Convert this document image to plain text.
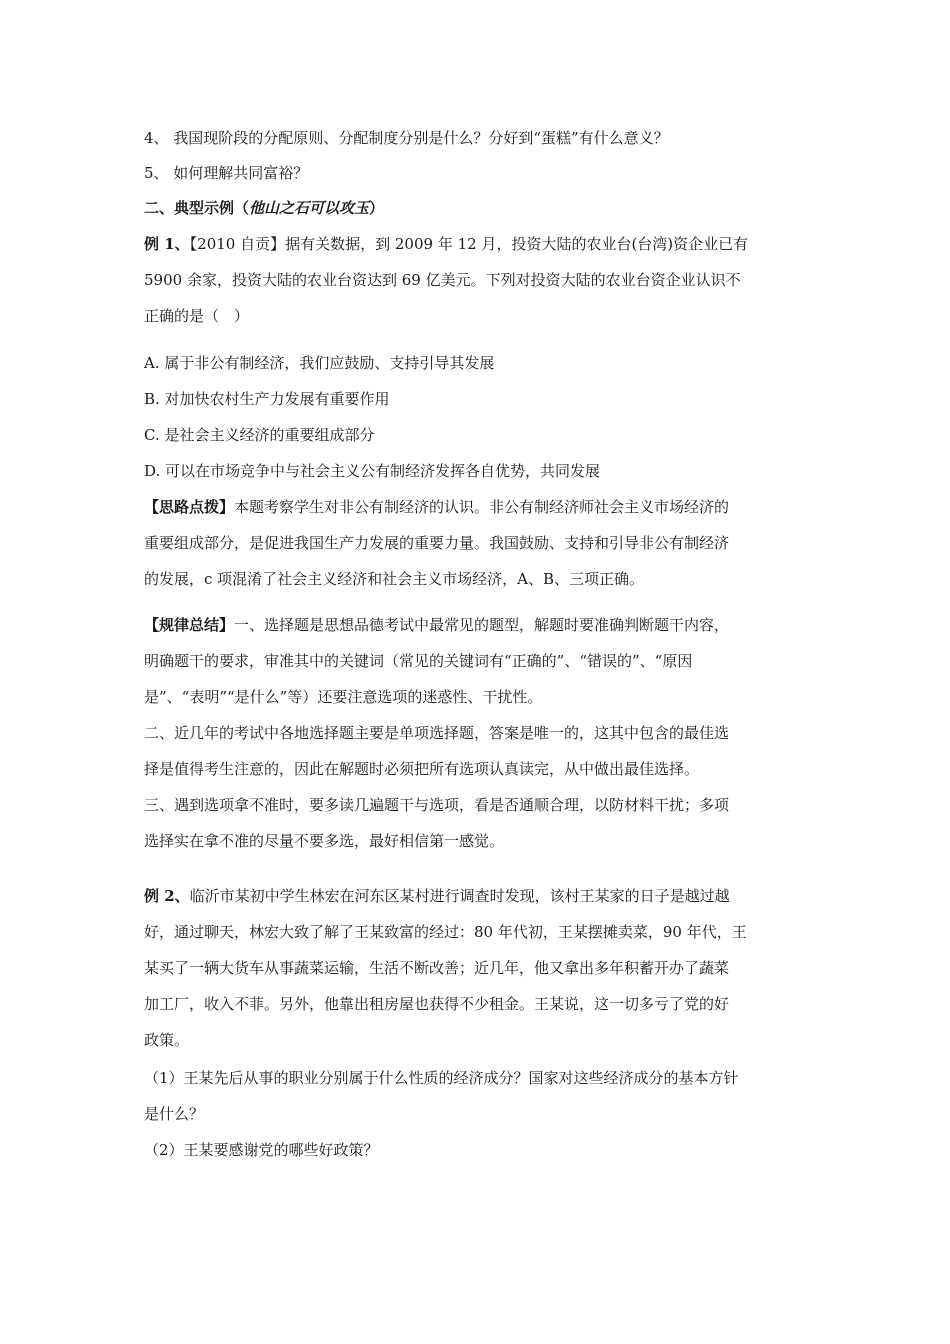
4、 我国现阶段的分配原则、分配制度分别是什么？分好到“蛋糕”有什么意义？
5、 如何理解共同富裕？
二、典型示例（他山之石可以攻玉）
例 1、【2010 自贡】据有关数据，到 2009 年 12 月，投资大陆的农业台(台湾)资企业已有
5900 余家，投资大陆的农业台资达到 69 亿美元。下列对投资大陆的农业台资企业认识不
正确的是（　）
A. 属于非公有制经济，我们应鼓励、支持引导其发展
B. 对加快农村生产力发展有重要作用
C. 是社会主义经济的重要组成部分
D. 可以在市场竞争中与社会主义公有制经济发挥各自优势，共同发展
【思路点拨】本题考察学生对非公有制经济的认识。非公有制经济师社会主义市场经济的
重要组成部分，是促进我国生产力发展的重要力量。我国鼓励、支持和引导非公有制经济
的发展，c 项混淆了社会主义经济和社会主义市场经济，A、B、三项正确。
【规律总结】一、选择题是思想品德考试中最常见的题型，解题时要准确判断题干内容，
明确题干的要求，审准其中的关键词（常见的关键词有“正确的”、“错误的”、“原因
是”、“表明”“是什么”等）还要注意选项的迷惑性、干扰性。
二、近几年的考试中各地选择题主要是单项选择题，答案是唯一的，这其中包含的最佳选
择是值得考生注意的，因此在解题时必须把所有选项认真读完，从中做出最佳选择。
三、遇到选项拿不准时，要多读几遍题干与选项，看是否通顺合理，以防材料干扰；多项
选择实在拿不准的尽量不要多选，最好相信第一感觉。
例 2、临沂市某初中学生林宏在河东区某村进行调查时发现，该村王某家的日子是越过越
好，通过聊天，林宏大致了解了王某致富的经过：80 年代初，王某摆摊卖菜，90 年代，王
某买了一辆大货车从事蔬菜运输，生活不断改善；近几年，他又拿出多年积蓄开办了蔬菜
加工厂，收入不菲。另外，他靠出租房屋也获得不少租金。王某说，这一切多亏了党的好
政策。
（1）王某先后从事的职业分别属于什么性质的经济成分？国家对这些经济成分的基本方针
是什么？
（2）王某要感谢党的哪些好政策？
